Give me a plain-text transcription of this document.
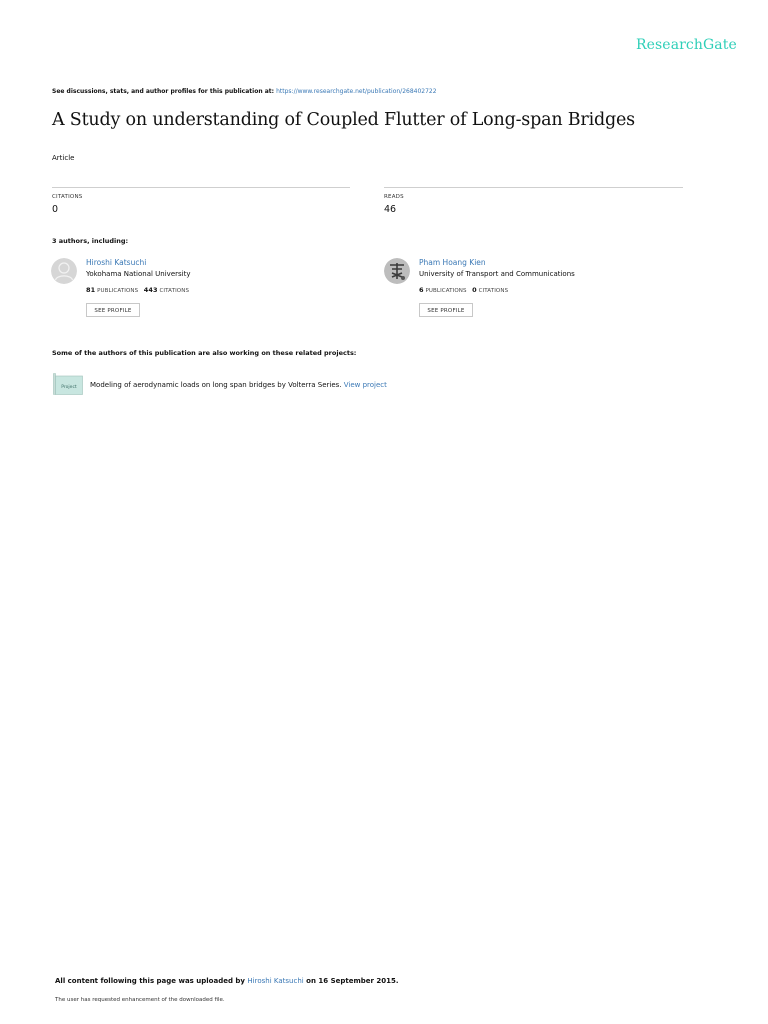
ResearchGate
See discussions, stats, and author profiles for this publication at: https://www.researchgate.net/publication/268402722
A Study on understanding of Coupled Flutter of Long-span Bridges
Article
CITATIONS
0
READS
46
3 authors, including:
Hiroshi Katsuchi
Yokohama National University
81 PUBLICATIONS 443 CITATIONS
SEE PROFILE
Pham Hoang Kien
University of Transport and Communications
6 PUBLICATIONS 0 CITATIONS
SEE PROFILE
Some of the authors of this publication are also working on these related projects:
Project Modeling of aerodynamic loads on long span bridges by Volterra Series. View project
All content following this page was uploaded by Hiroshi Katsuchi on 16 September 2015.
The user has requested enhancement of the downloaded file.
